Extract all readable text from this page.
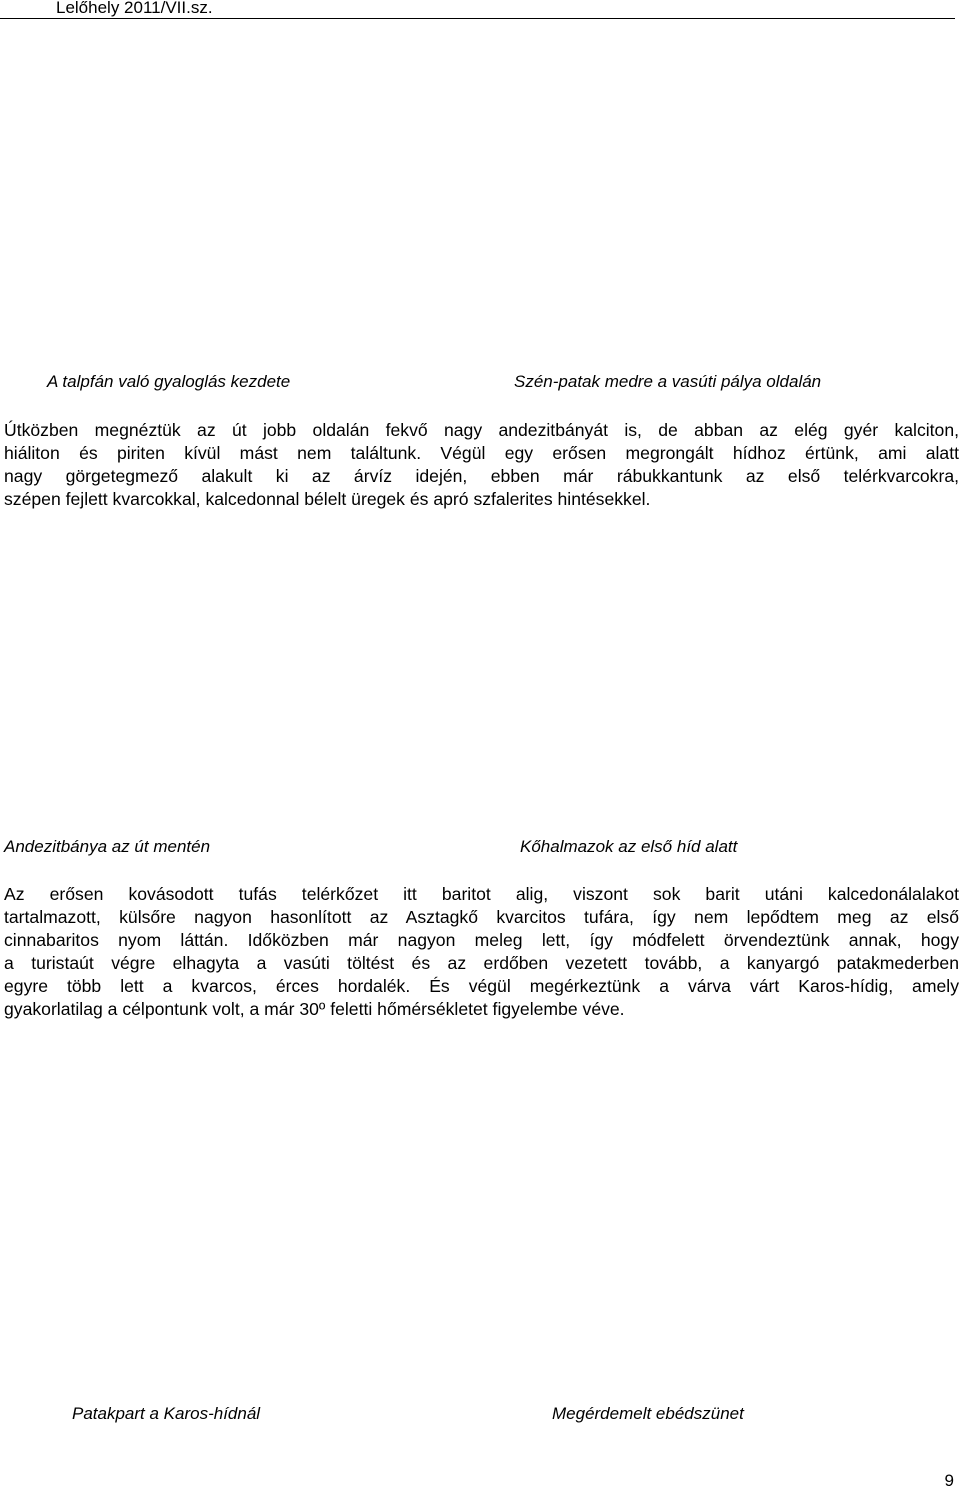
Lelőhely 2011/VII.sz.
A talpfán való gyaloglás kezdete	Szén-patak medre a vasúti pálya oldalán
Útközben megnéztük az út jobb oldalán fekvő nagy andezitbányát is, de abban az elég gyér kalciton,
hiáliton és piriten kívül mást nem találtunk. Végül egy erősen megrongált hídhoz értünk, ami alatt
nagy görgetegmező alakult ki az árvíz idején, ebben már rábukkantunk az első telérkvarcokra,
szépen fejlett kvarcokkal, kalcedonnal bélelt üregek és apró szfalerites hintésekkel.
Andezitbánya az út mentén	Kőhalmazok az első híd alatt
Az erősen kovásodott tufás telérkőzet itt baritot alig, viszont sok barit utáni kalcedonálalakot
tartalmazott, külsőre nagyon hasonlított az Asztagkő kvarcitos tufára, így nem lepődtem meg az első
cinnabaritos nyom láttán. Időközben már nagyon meleg lett, így módfelett örvendeztünk annak, hogy
a turistaút végre elhagyta a vasúti töltést és az erdőben vezetett tovább, a kanyargó patakmederben
egyre több lett a kvarcos, érces hordalék. És végül megérkeztünk a várva várt Karos-hídig, amely
gyakorlatilag a célpontunk volt, a már 30º feletti hőmérsékletet figyelembe véve.
Patakpart a Karos-hídnál	Megérdemelt ebédszünet
9
